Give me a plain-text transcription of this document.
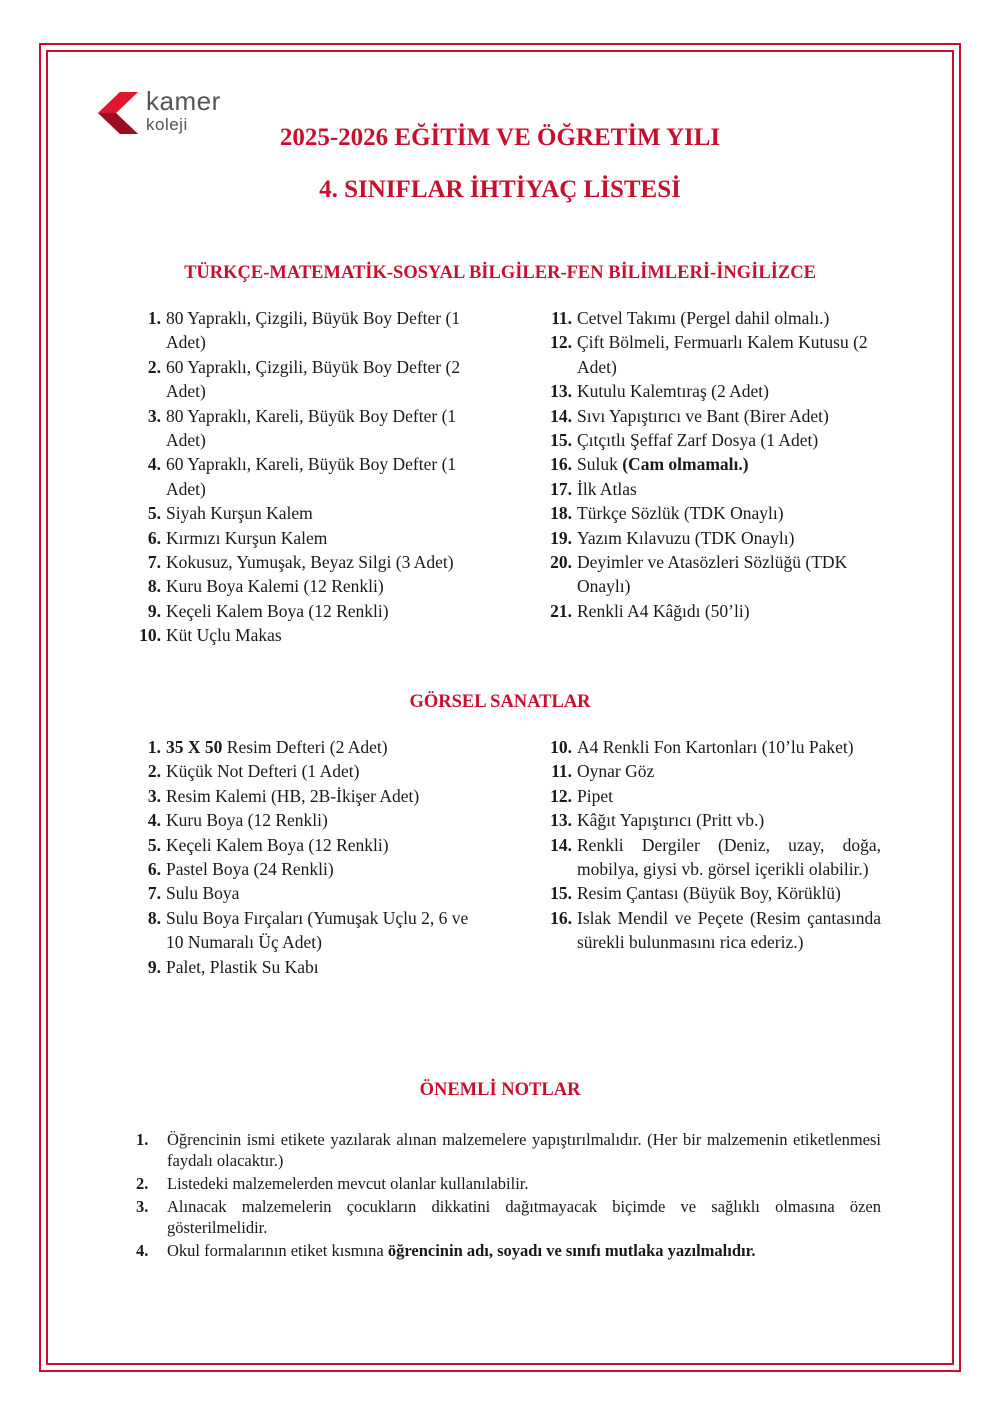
kamer
koleji	2025-2026 EĞİTİM VE ÖĞRETİM YILI
4. SINIFLAR İHTİYAÇ LİSTESİ
TÜRKÇE-MATEMATİK-SOSYAL BİLGİLER-FEN BİLİMLERİ-İNGİLİZCE
1. 80 Yapraklı, Çizgili, Büyük Boy Defter (1 Adet)
2. 60 Yapraklı, Çizgili, Büyük Boy Defter (2 Adet)
3. 80 Yapraklı, Kareli, Büyük Boy Defter (1 Adet)
4. 60 Yapraklı, Kareli, Büyük Boy Defter (1 Adet)
5. Siyah Kurşun Kalem
6. Kırmızı Kurşun Kalem
7. Kokusuz, Yumuşak, Beyaz Silgi (3 Adet)
8. Kuru Boya Kalemi (12 Renkli)
9. Keçeli Kalem Boya (12 Renkli)
10. Küt Uçlu Makas
11. Cetvel Takımı (Pergel dahil olmalı.)
12. Çift Bölmeli, Fermuarlı Kalem Kutusu (2 Adet)
13. Kutulu Kalemtıraş (2 Adet)
14. Sıvı Yapıştırıcı ve Bant (Birer Adet)
15. Çıtçıtlı Şeffaf Zarf Dosya (1 Adet)
16. Suluk (Cam olmamalı.)
17. İlk Atlas
18. Türkçe Sözlük (TDK Onaylı)
19. Yazım Kılavuzu (TDK Onaylı)
20. Deyimler ve Atasözleri Sözlüğü (TDK Onaylı)
21. Renkli A4 Kâğıdı (50’li)
GÖRSEL SANATLAR
1. 35 X 50 Resim Defteri (2 Adet)
2. Küçük Not Defteri (1 Adet)
3. Resim Kalemi (HB, 2B-İkişer Adet)
4. Kuru Boya (12 Renkli)
5. Keçeli Kalem Boya (12 Renkli)
6. Pastel Boya (24 Renkli)
7. Sulu Boya
8. Sulu Boya Fırçaları (Yumuşak Uçlu 2, 6 ve 10 Numaralı Üç Adet)
9. Palet, Plastik Su Kabı
10. A4 Renkli Fon Kartonları (10’lu Paket)
11. Oynar Göz
12. Pipet
13. Kâğıt Yapıştırıcı (Pritt vb.)
14. Renkli Dergiler (Deniz, uzay, doğa, mobilya, giysi vb. görsel içerikli olabilir.)
15. Resim Çantası (Büyük Boy, Körüklü)
16. Islak Mendil ve Peçete (Resim çantasında sürekli bulunmasını rica ederiz.)
ÖNEMLİ NOTLAR
1. Öğrencinin ismi etikete yazılarak alınan malzemelere yapıştırılmalıdır. (Her bir malzemenin etiketlenmesi faydalı olacaktır.)
2. Listedeki malzemelerden mevcut olanlar kullanılabilir.
3. Alınacak malzemelerin çocukların dikkatini dağıtmayacak biçimde ve sağlıklı olmasına özen gösterilmelidir.
4. Okul formalarının etiket kısmına öğrencinin adı, soyadı ve sınıfı mutlaka yazılmalıdır.
